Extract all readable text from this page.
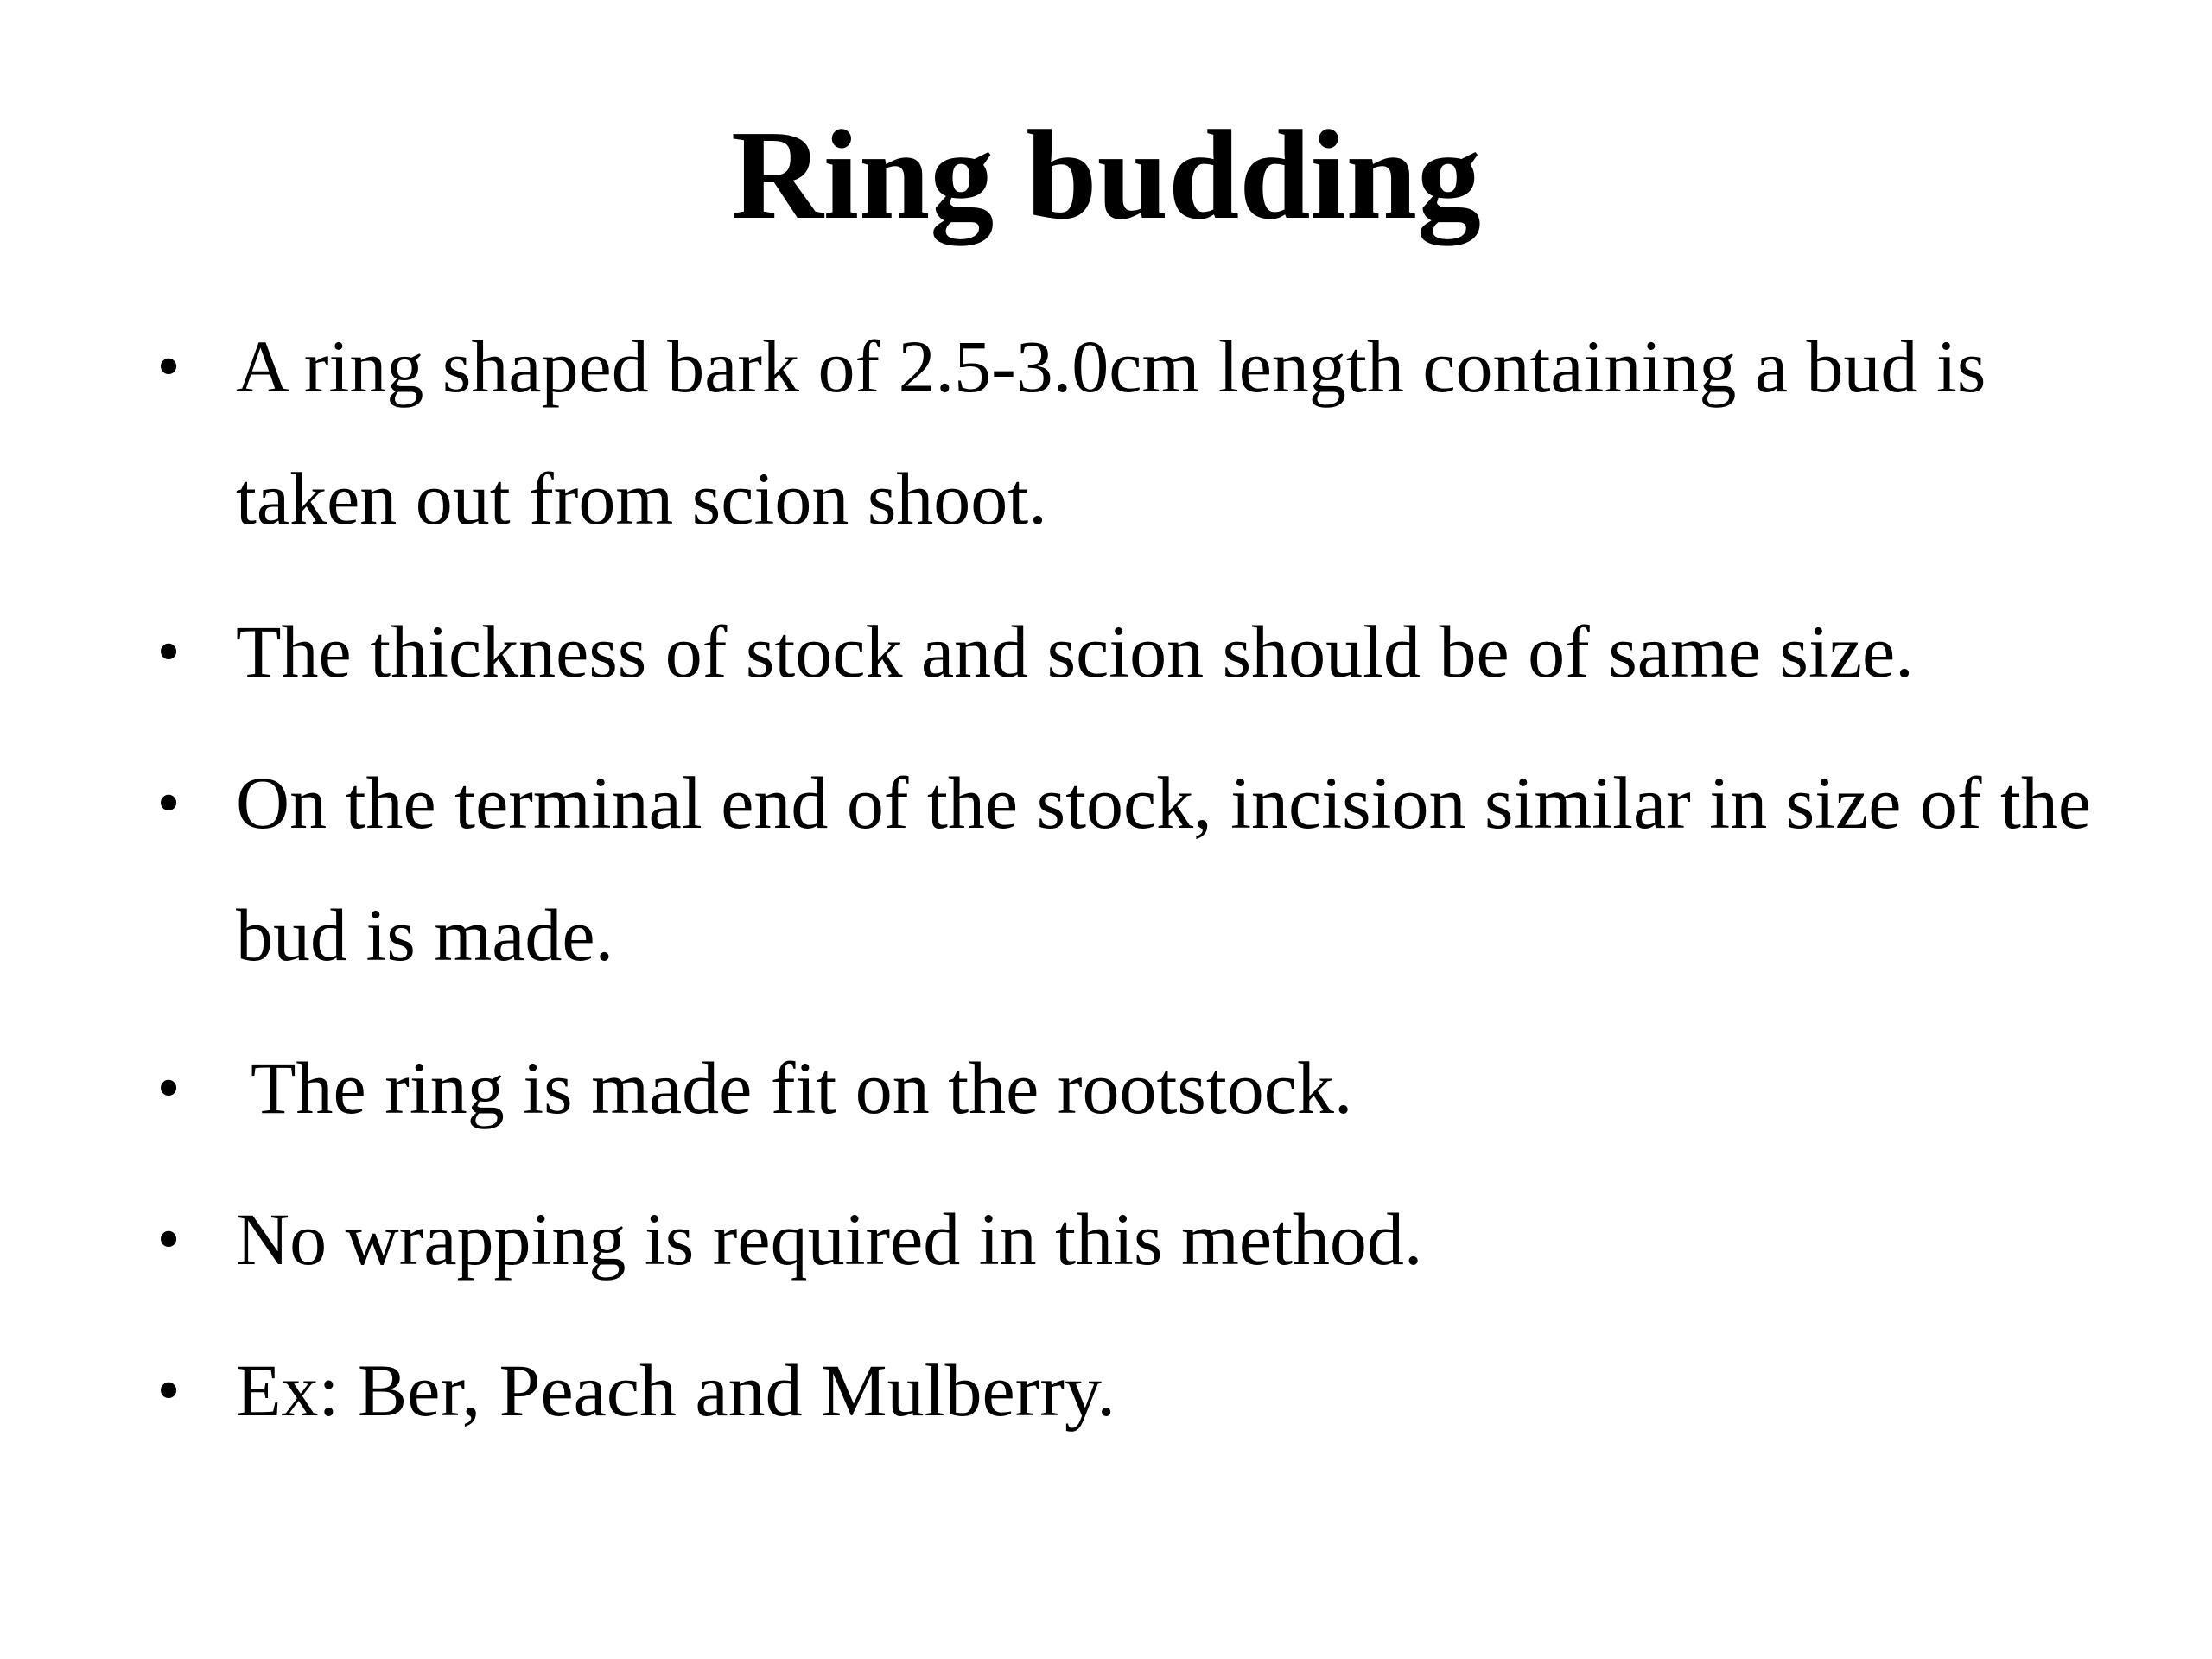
Ring budding
• A ring shaped bark of 2.5-3.0cm length containing a bud is taken out from scion shoot.
• The thickness of stock and scion should be of same size.
• On the terminal end of the stock, incision similar in size of the bud is made.
• The ring is made fit on the rootstock.
• No wrapping is required in this method.
• Ex: Ber, Peach and Mulberry.
